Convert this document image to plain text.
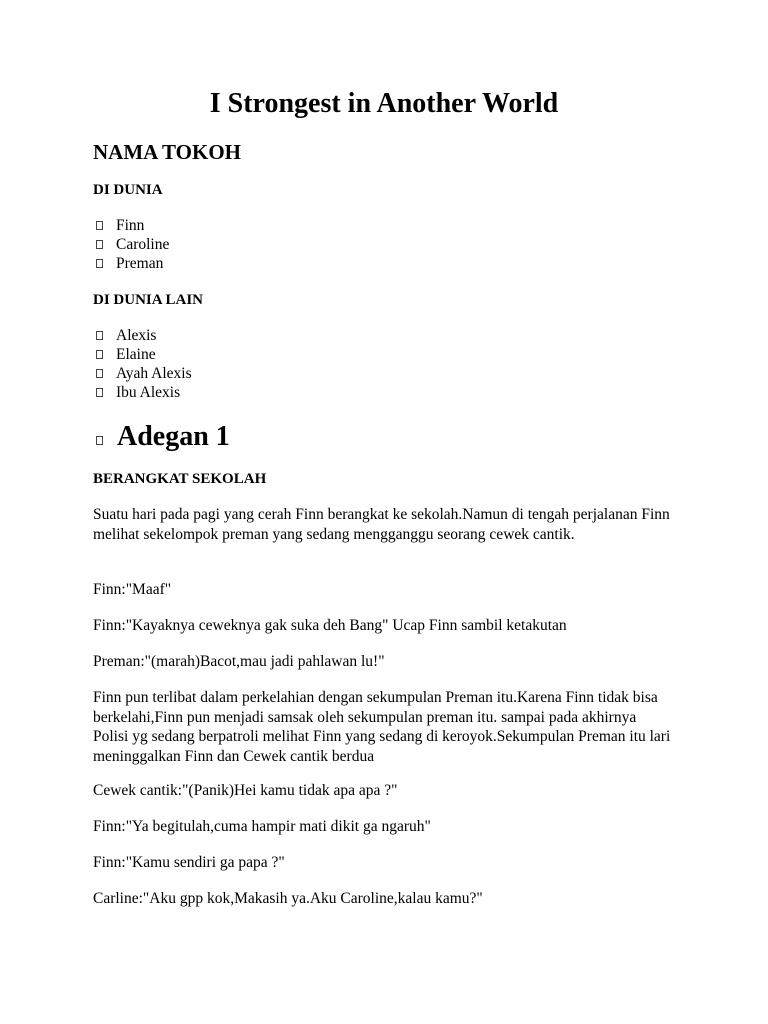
I Strongest in Another World
NAMA TOKOH
DI DUNIA
Finn
Caroline
Preman
DI DUNIA LAIN
Alexis
Elaine
Ayah Alexis
Ibu Alexis
Adegan 1
BERANGKAT SEKOLAH

Suatu hari pada pagi yang cerah Finn berangkat ke sekolah.Namun di tengah perjalanan Finn melihat sekelompok preman yang sedang mengganggu seorang cewek cantik.

Finn:"Maaf"

Finn:"Kayaknya ceweknya gak suka deh Bang" Ucap Finn sambil ketakutan

Preman:"(marah)Bacot,mau jadi pahlawan lu!"

Finn pun terlibat dalam perkelahian dengan sekumpulan Preman itu.Karena Finn tidak bisa berkelahi,Finn pun menjadi samsak oleh sekumpulan preman itu. sampai pada akhirnya Polisi yg sedang berpatroli melihat Finn yang sedang di keroyok.Sekumpulan Preman itu lari meninggalkan Finn dan Cewek cantik berdua

Cewek cantik:"(Panik)Hei kamu tidak apa apa ?"

Finn:"Ya begitulah,cuma hampir mati dikit ga ngaruh"

Finn:"Kamu sendiri ga papa ?"

Carline:"Aku gpp kok,Makasih ya.Aku Caroline,kalau kamu?"
